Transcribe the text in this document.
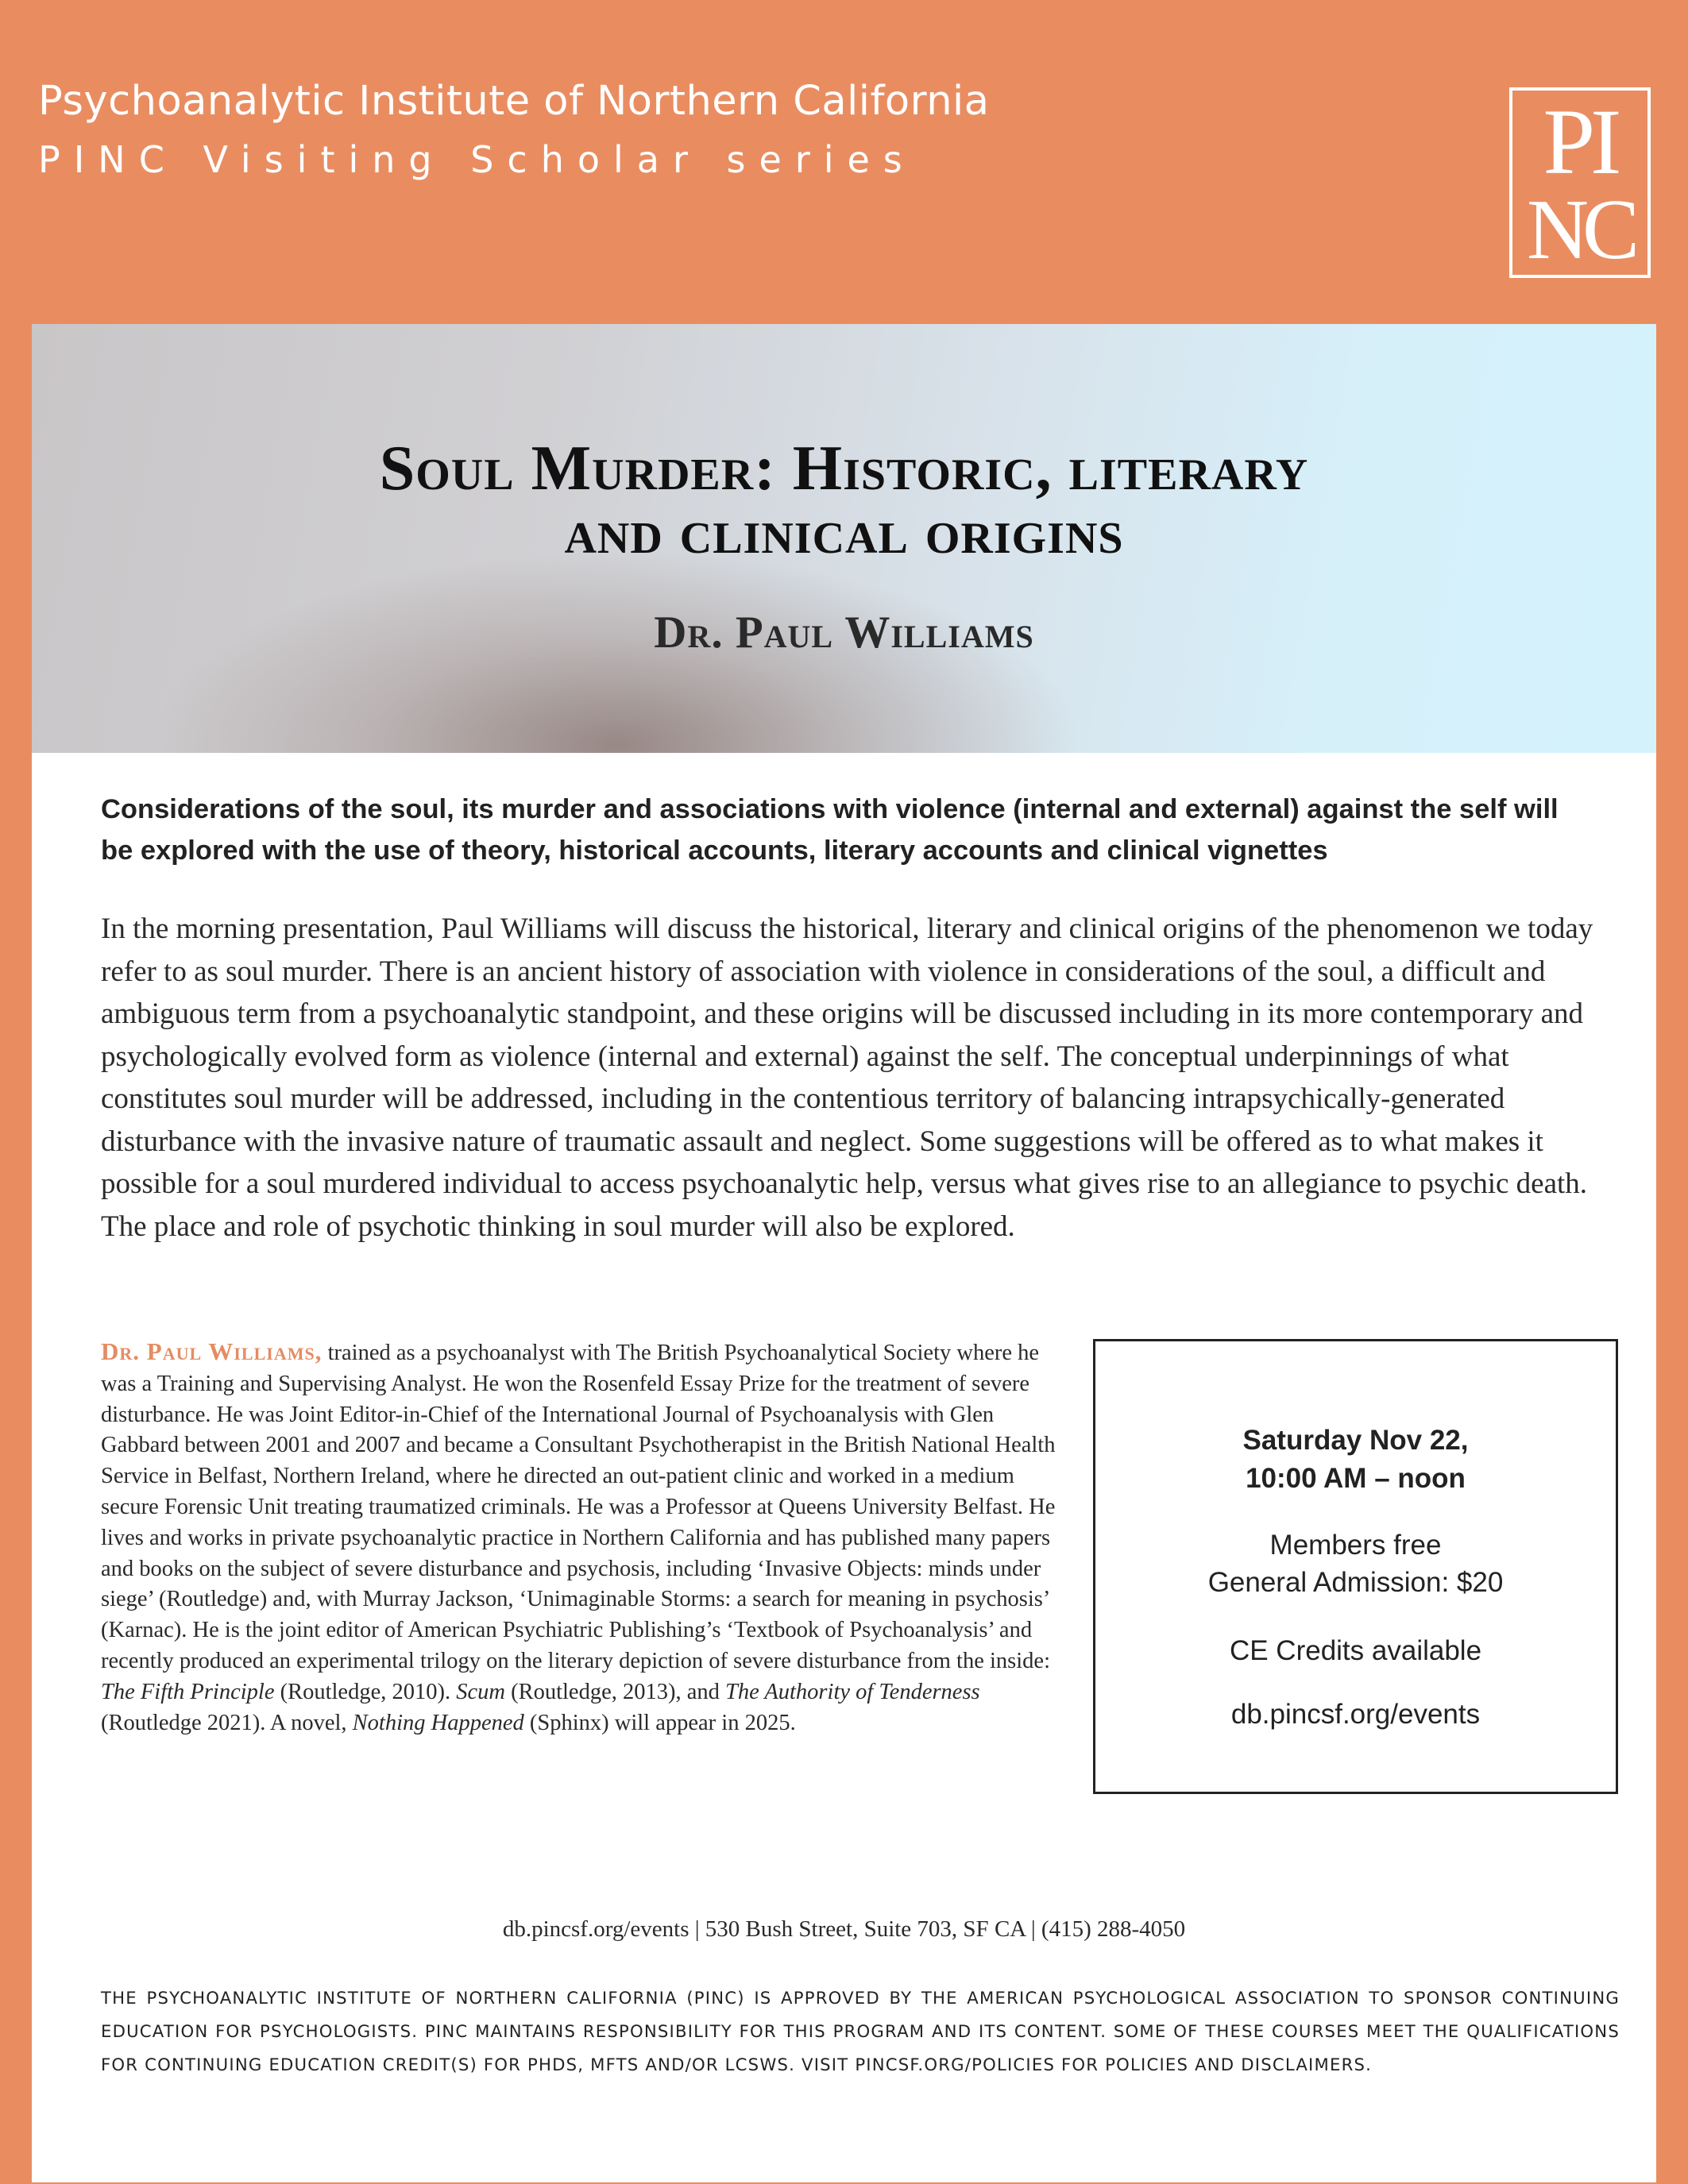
Psychoanalytic Institute of Northern California
PINC Visiting Scholar series	PI
NC
Soul Murder: Historic, literary
and clinical origins
Dr. Paul Williams
Considerations of the soul, its murder and associations with violence (internal and external) against the self will be explored with the use of theory, historical accounts, literary accounts and clinical vignettes
In the morning presentation, Paul Williams will discuss the historical, literary and clinical origins of the phenomenon we today refer to as soul murder. There is an ancient history of association with violence in considerations of the soul, a difficult and ambiguous term from a psychoanalytic standpoint, and these origins will be discussed including in its more contemporary and psychologically evolved form as violence (internal and external) against the self. The conceptual underpinnings of what constitutes soul murder will be addressed, including in the contentious territory of balancing intrapsychically-generated disturbance with the invasive nature of traumatic assault and neglect. Some suggestions will be offered as to what makes it possible for a soul murdered individual to access psychoanalytic help, versus what gives rise to an allegiance to psychic death. The place and role of psychotic thinking in soul murder will also be explored.
Dr. Paul Williams, trained as a psychoanalyst with The British Psychoanalytical Society where he was a Training and Supervising Analyst. He won the Rosenfeld Essay Prize for the treatment of severe disturbance. He was Joint Editor-in-Chief of the International Journal of Psychoanalysis with Glen Gabbard between 2001 and 2007 and became a Consultant Psychotherapist in the British National Health Service in Belfast, Northern Ireland, where he directed an out-patient clinic and worked in a medium secure Forensic Unit treating traumatized criminals. He was a Professor at Queens University Belfast. He lives and works in private psychoanalytic practice in Northern California and has published many papers and books on the subject of severe disturbance and psychosis, including ‘Invasive Objects: minds under siege’ (Routledge) and, with Murray Jackson, ‘Unimaginable Storms: a search for meaning in psychosis’ (Karnac). He is the joint editor of American Psychiatric Publishing’s ‘Textbook of Psychoanalysis’ and recently produced an experimental trilogy on the literary depiction of severe disturbance from the inside: The Fifth Principle (Routledge, 2010). Scum (Routledge, 2013), and The Authority of Tenderness (Routledge 2021). A novel, Nothing Happened (Sphinx) will appear in 2025.
Saturday Nov 22,
10:00 AM – noon
Members free
General Admission: $20
CE Credits available
db.pincsf.org/events
db.pincsf.org/events | 530 Bush Street, Suite 703, SF CA | (415) 288-4050
THE PSYCHOANALYTIC INSTITUTE OF NORTHERN CALIFORNIA (PINC) IS APPROVED BY THE AMERICAN PSYCHOLOGICAL ASSOCIATION TO SPONSOR CONTINUING EDUCATION FOR PSYCHOLOGISTS. PINC MAINTAINS RESPONSIBILITY FOR THIS PROGRAM AND ITS CONTENT. SOME OF THESE COURSES MEET THE QUALIFICATIONS FOR CONTINUING EDUCATION CREDIT(S) FOR PHDS, MFTS AND/OR LCSWS. VISIT PINCSF.ORG/POLICIES FOR POLICIES AND DISCLAIMERS.
